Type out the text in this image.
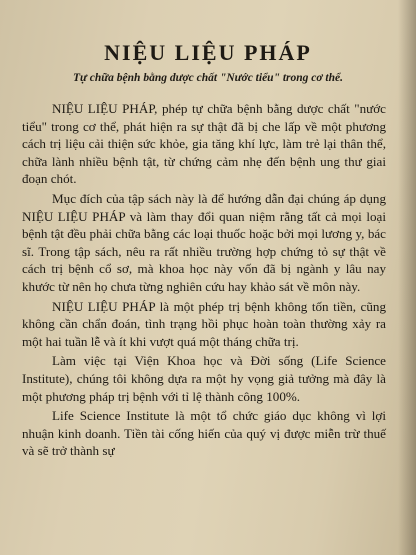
NIỆU LIỆU PHÁP
Tự chữa bệnh bằng dược chất "Nước tiểu" trong cơ thể.

NIỆU LIỆU PHÁP, phép tự chữa bệnh bằng dược chất "nước tiểu" trong cơ thể, phát hiện ra sự thật đã bị che lấp về một phương cách trị liệu cải thiện sức khỏe, gia tăng khí lực, làm trẻ lại thân thể, chữa lành nhiều bệnh tật, từ chứng cảm nhẹ đến bệnh ung thư giai đoạn chót.

Mục đích của tập sách này là để hướng dẫn đại chúng áp dụng NIỆU LIỆU PHÁP và làm thay đổi quan niệm rằng tất cả mọi loại bệnh tật đều phải chữa bằng các loại thuốc hoặc bởi mọi lương y, bác sĩ. Trong tập sách, nêu ra rất nhiều trường hợp chứng tỏ sự thật về cách trị bệnh cổ sơ, mà khoa học này vốn đã bị ngành y lâu nay khước từ nên họ chưa từng nghiên cứu hay khảo sát về môn này.

NIỆU LIỆU PHÁP là một phép trị bệnh không tốn tiền, cũng không cần chẩn đoán, tình trạng hồi phục hoàn toàn thường xảy ra một hai tuần lễ và ít khi vượt quá một tháng chữa trị.

Làm việc tại Viện Khoa học và Đời sống (Life Science Institute), chúng tôi không dựa ra một hy vọng giả tưởng mà đây là một phương pháp trị bệnh với tỉ lệ thành công 100%.

Life Science Institute là một tổ chức giáo dục không vì lợi nhuận kinh doanh. Tiền tài cống hiến của quý vị được miễn trừ thuế và sẽ trở thành sự
